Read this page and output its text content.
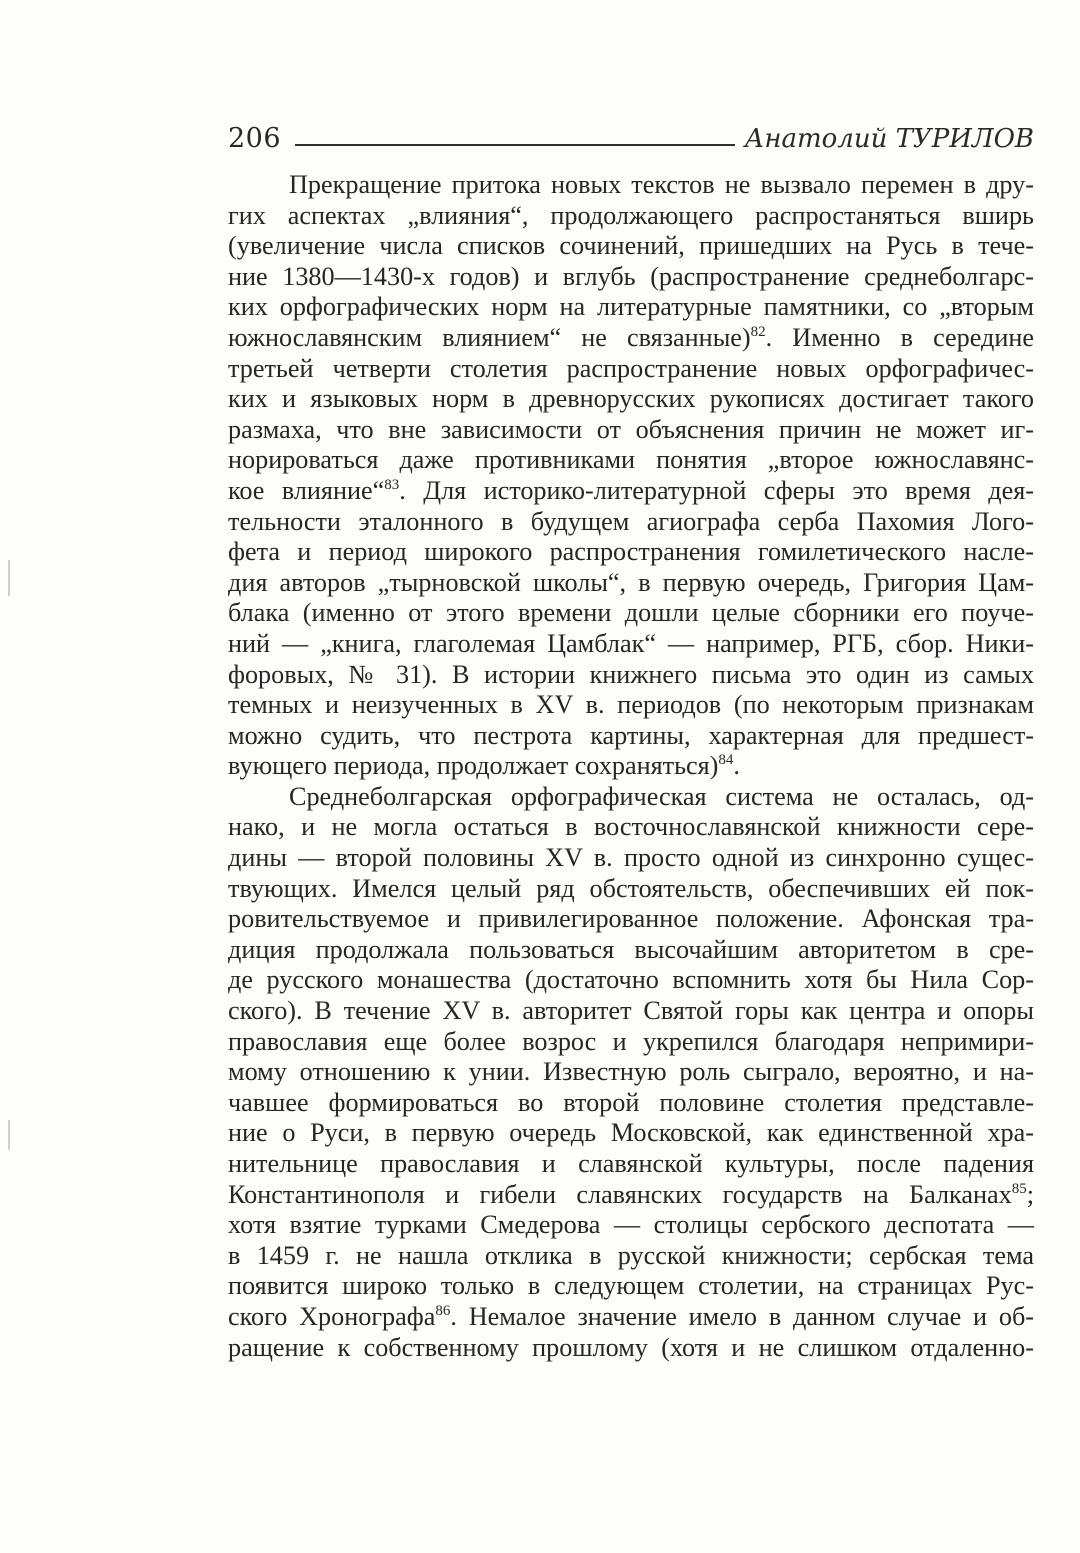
206	Анатолий ТУРИЛОВ
Прекращение притока новых текстов не вызвало перемен в дру-
гих аспектах „влияния“, продолжающего распростаняться вширь
(увеличение числа списков сочинений, пришедших на Русь в тече-
ние 1380—1430-х годов) и вглубь (распространение среднеболгарс-
ких орфографических норм на литературные памятники, со „вторым
южнославянским влиянием“ не связанные)$^{82}$. Именно в середине
третьей четверти столетия распространение новых орфографичес-
ких и языковых норм в древнорусских рукописях достигает такого
размаха, что вне зависимости от объяснения причин не может иг-
норироваться даже противниками понятия „второе южнославянс-
кое влияние“$^{83}$. Для историко-литературной сферы это время дея-
тельности эталонного в будущем агиографа серба Пахомия Лого-
фета и период широкого распространения гомилетического насле-
дия авторов „тырновской школы“, в первую очередь, Григория Цам-
блака (именно от этого времени дошли целые сборники его поуче-
ний — „книга, глаголемая Цамблак“ — например, РГБ, сбор. Ники-
форовых, № 31). В истории книжнего письма это один из самых
темных и неизученных в XV в. периодов (по некоторым признакам
можно судить, что пестрота картины, характерная для предшест-
вующего периода, продолжает сохраняться)$^{84}$.
Среднеболгарская орфографическая система не осталась, од-
нако, и не могла остаться в восточнославянской книжности сере-
дины — второй половины XV в. просто одной из синхронно сущес-
твующих. Имелся целый ряд обстоятельств, обеспечивших ей пок-
ровительствуемое и привилегированное положение. Афонская тра-
диция продолжала пользоваться высочайшим авторитетом в сре-
де русского монашества (достаточно вспомнить хотя бы Нила Сор-
ского). В течение XV в. авторитет Святой горы как центра и опоры
православия еще более возрос и укрепился благодаря непримири-
мому отношению к унии. Известную роль сыграло, вероятно, и на-
чавшее формироваться во второй половине столетия представле-
ние о Руси, в первую очередь Московской, как единственной хра-
нительнице православия и славянской культуры, после падения
Константинополя и гибели славянских государств на Балканах$^{85}$;
хотя взятие турками Смедерова — столицы сербского деспотата —
в 1459 г. не нашла отклика в русской книжности; сербская тема
появится широко только в следующем столетии, на страницах Рус-
ского Хронографа$^{86}$. Немалое значение имело в данном случае и об-
ращение к собственному прошлому (хотя и не слишком отдаленно-
